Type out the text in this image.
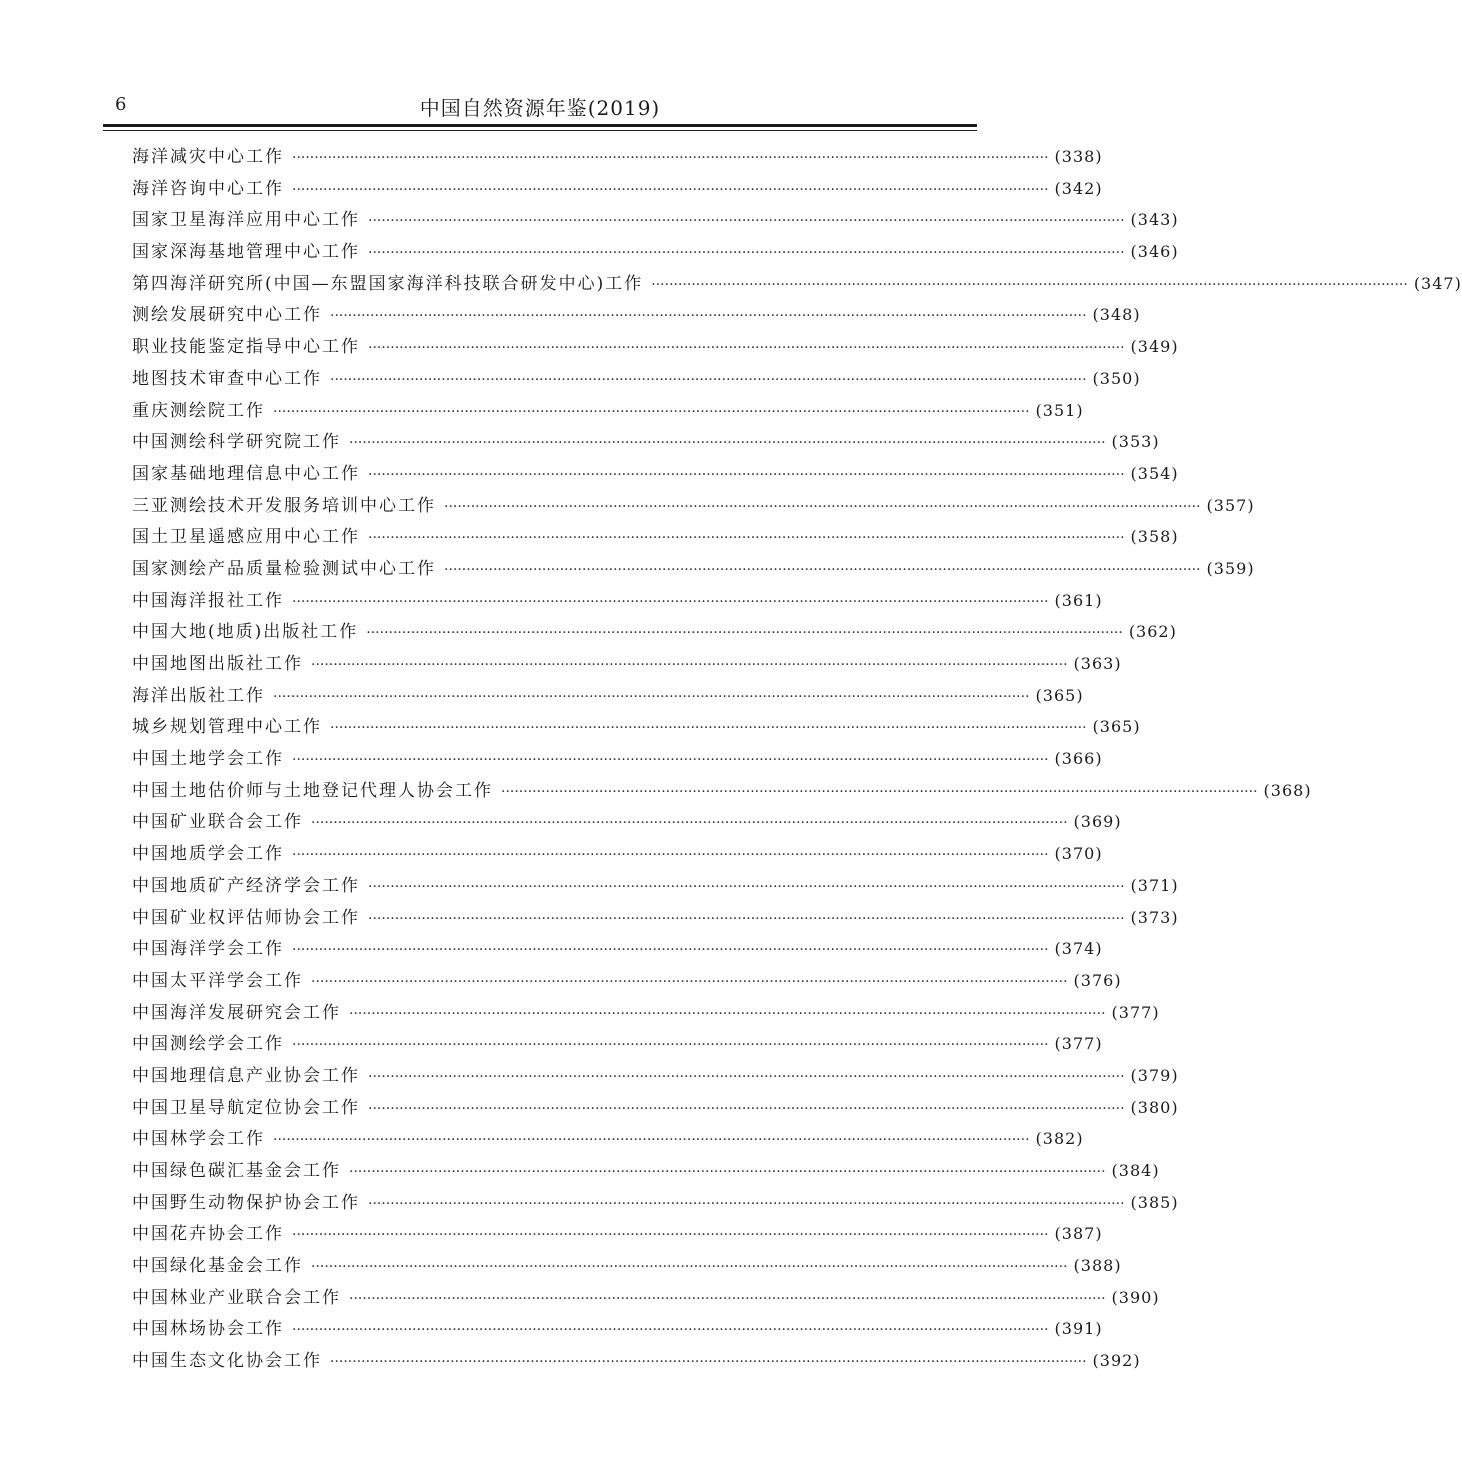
6	中国自然资源年鉴(2019)
海洋减灾中心工作 ·········································································································································································· (338)
海洋咨询中心工作 ·········································································································································································· (342)
国家卫星海洋应用中心工作 ·········································································································································································· (343)
国家深海基地管理中心工作 ·········································································································································································· (346)
第四海洋研究所(中国—东盟国家海洋科技联合研发中心)工作 ·········································································································································································· (347)
测绘发展研究中心工作 ·········································································································································································· (348)
职业技能鉴定指导中心工作 ·········································································································································································· (349)
地图技术审查中心工作 ·········································································································································································· (350)
重庆测绘院工作 ·········································································································································································· (351)
中国测绘科学研究院工作 ·········································································································································································· (353)
国家基础地理信息中心工作 ·········································································································································································· (354)
三亚测绘技术开发服务培训中心工作 ·········································································································································································· (357)
国土卫星遥感应用中心工作 ·········································································································································································· (358)
国家测绘产品质量检验测试中心工作 ·········································································································································································· (359)
中国海洋报社工作 ·········································································································································································· (361)
中国大地(地质)出版社工作 ·········································································································································································· (362)
中国地图出版社工作 ·········································································································································································· (363)
海洋出版社工作 ·········································································································································································· (365)
城乡规划管理中心工作 ·········································································································································································· (365)
中国土地学会工作 ·········································································································································································· (366)
中国土地估价师与土地登记代理人协会工作 ·········································································································································································· (368)
中国矿业联合会工作 ·········································································································································································· (369)
中国地质学会工作 ·········································································································································································· (370)
中国地质矿产经济学会工作 ·········································································································································································· (371)
中国矿业权评估师协会工作 ·········································································································································································· (373)
中国海洋学会工作 ·········································································································································································· (374)
中国太平洋学会工作 ·········································································································································································· (376)
中国海洋发展研究会工作 ·········································································································································································· (377)
中国测绘学会工作 ·········································································································································································· (377)
中国地理信息产业协会工作 ·········································································································································································· (379)
中国卫星导航定位协会工作 ·········································································································································································· (380)
中国林学会工作 ·········································································································································································· (382)
中国绿色碳汇基金会工作 ·········································································································································································· (384)
中国野生动物保护协会工作 ·········································································································································································· (385)
中国花卉协会工作 ·········································································································································································· (387)
中国绿化基金会工作 ·········································································································································································· (388)
中国林业产业联合会工作 ·········································································································································································· (390)
中国林场协会工作 ·········································································································································································· (391)
中国生态文化协会工作 ·········································································································································································· (392)
